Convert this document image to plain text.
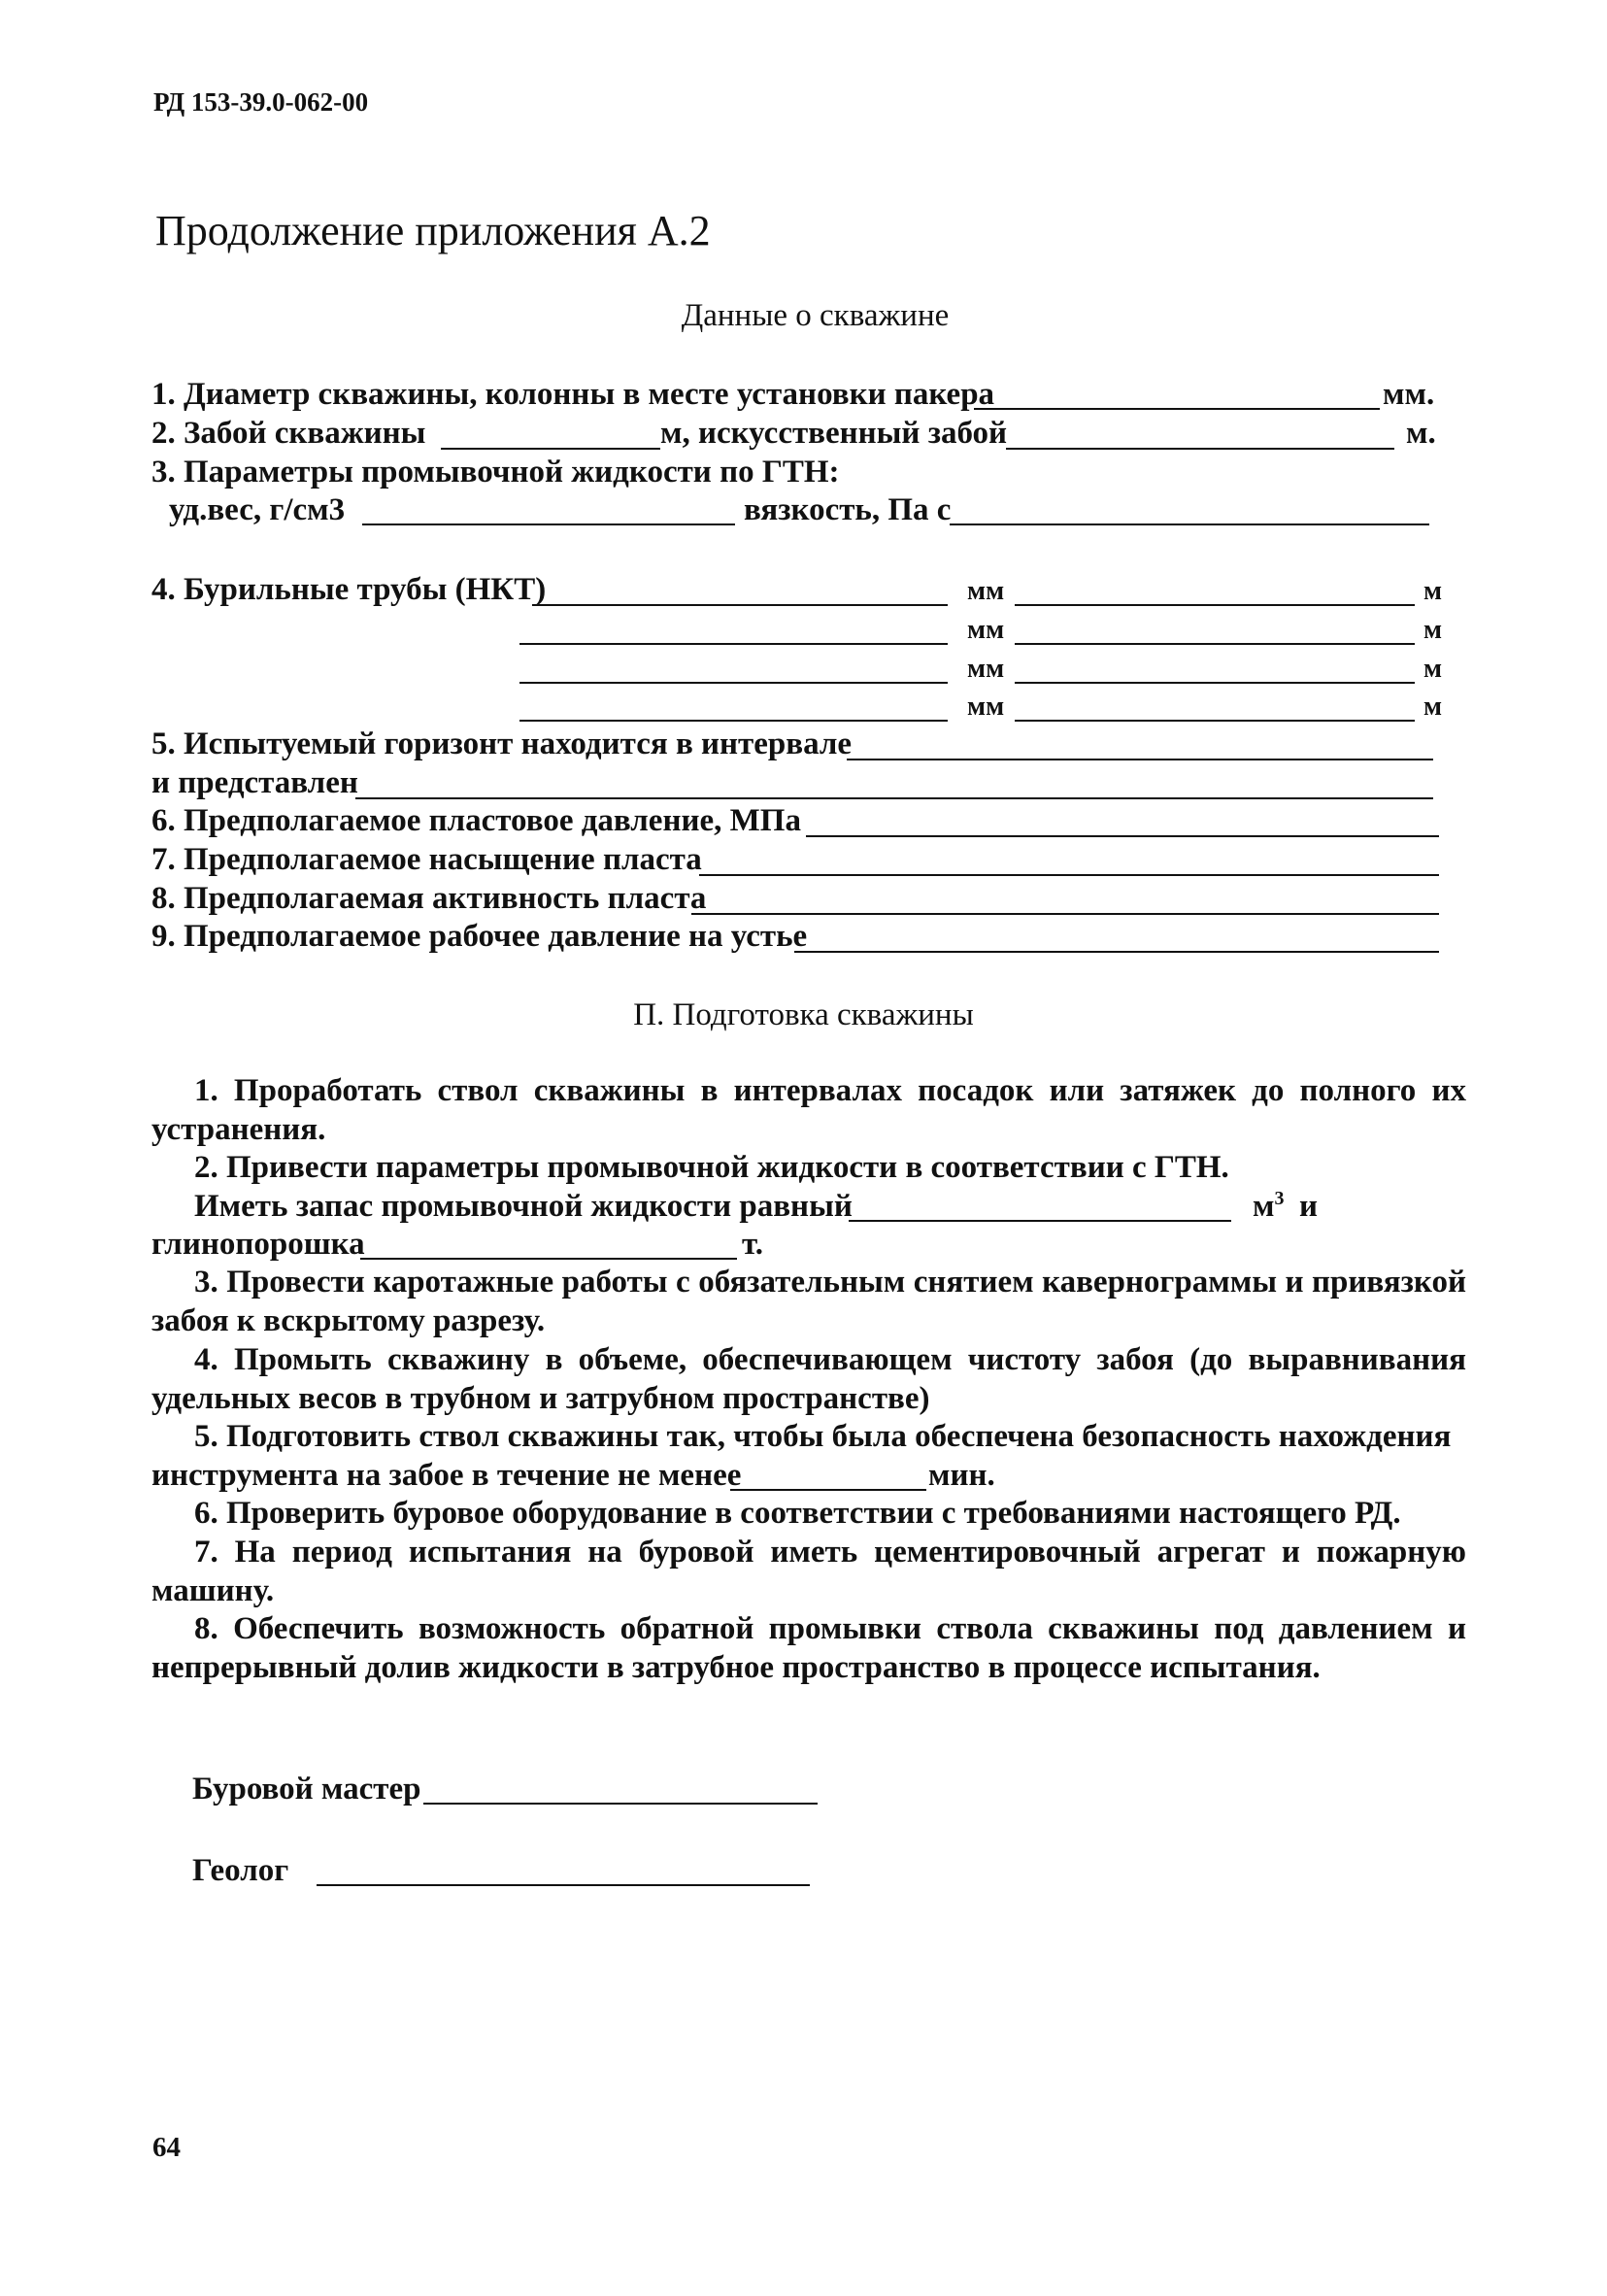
РД 153-39.0-062-00
Продолжение приложения А.2
Данные о скважине
1. Диаметр скважины, колонны в месте установки пакера	мм.
2. Забой скважины	м, искусственный забой	м.
3. Параметры промывочной жидкости по ГТН:
уд.вес, г/см3	вязкость, Па с
4. Бурильные трубы (НКТ)	мм	м
мм	м
мм	м
мм	м
5. Испытуемый горизонт находится в интервале
и представлен
6. Предполагаемое пластовое давление, МПа
7. Предполагаемое насыщение пласта
8. Предполагаемая активность пласта
9. Предполагаемое рабочее давление на устье
П. Подготовка скважины
1. Проработать ствол скважины в интервалах посадок или затяжек до полного их устранения.
2. Привести параметры промывочной жидкости в соответствии с ГТН.
Иметь запас промывочной жидкости равный	$м^3$ и
глинопорошка	т.
3. Провести каротажные работы с обязательным снятием кавернограммы и привязкой забоя к вскрытому разрезу.
4. Промыть скважину в объеме, обеспечивающем чистоту забоя (до выравнивания удельных весов в трубном и затрубном пространстве)
5. Подготовить ствол скважины так, чтобы была обеспечена безопасность нахождения
инструмента на забое в течение не менее	мин.
6. Проверить буровое оборудование в соответствии с требованиями настоящего РД.
7. На период испытания на буровой иметь цементировочный агрегат и пожарную машину.
8. Обеспечить возможность обратной промывки ствола скважины под давлением и непрерывный долив жидкости в затрубное пространство в процессе испытания.
Буровой мастер
Геолог
64
